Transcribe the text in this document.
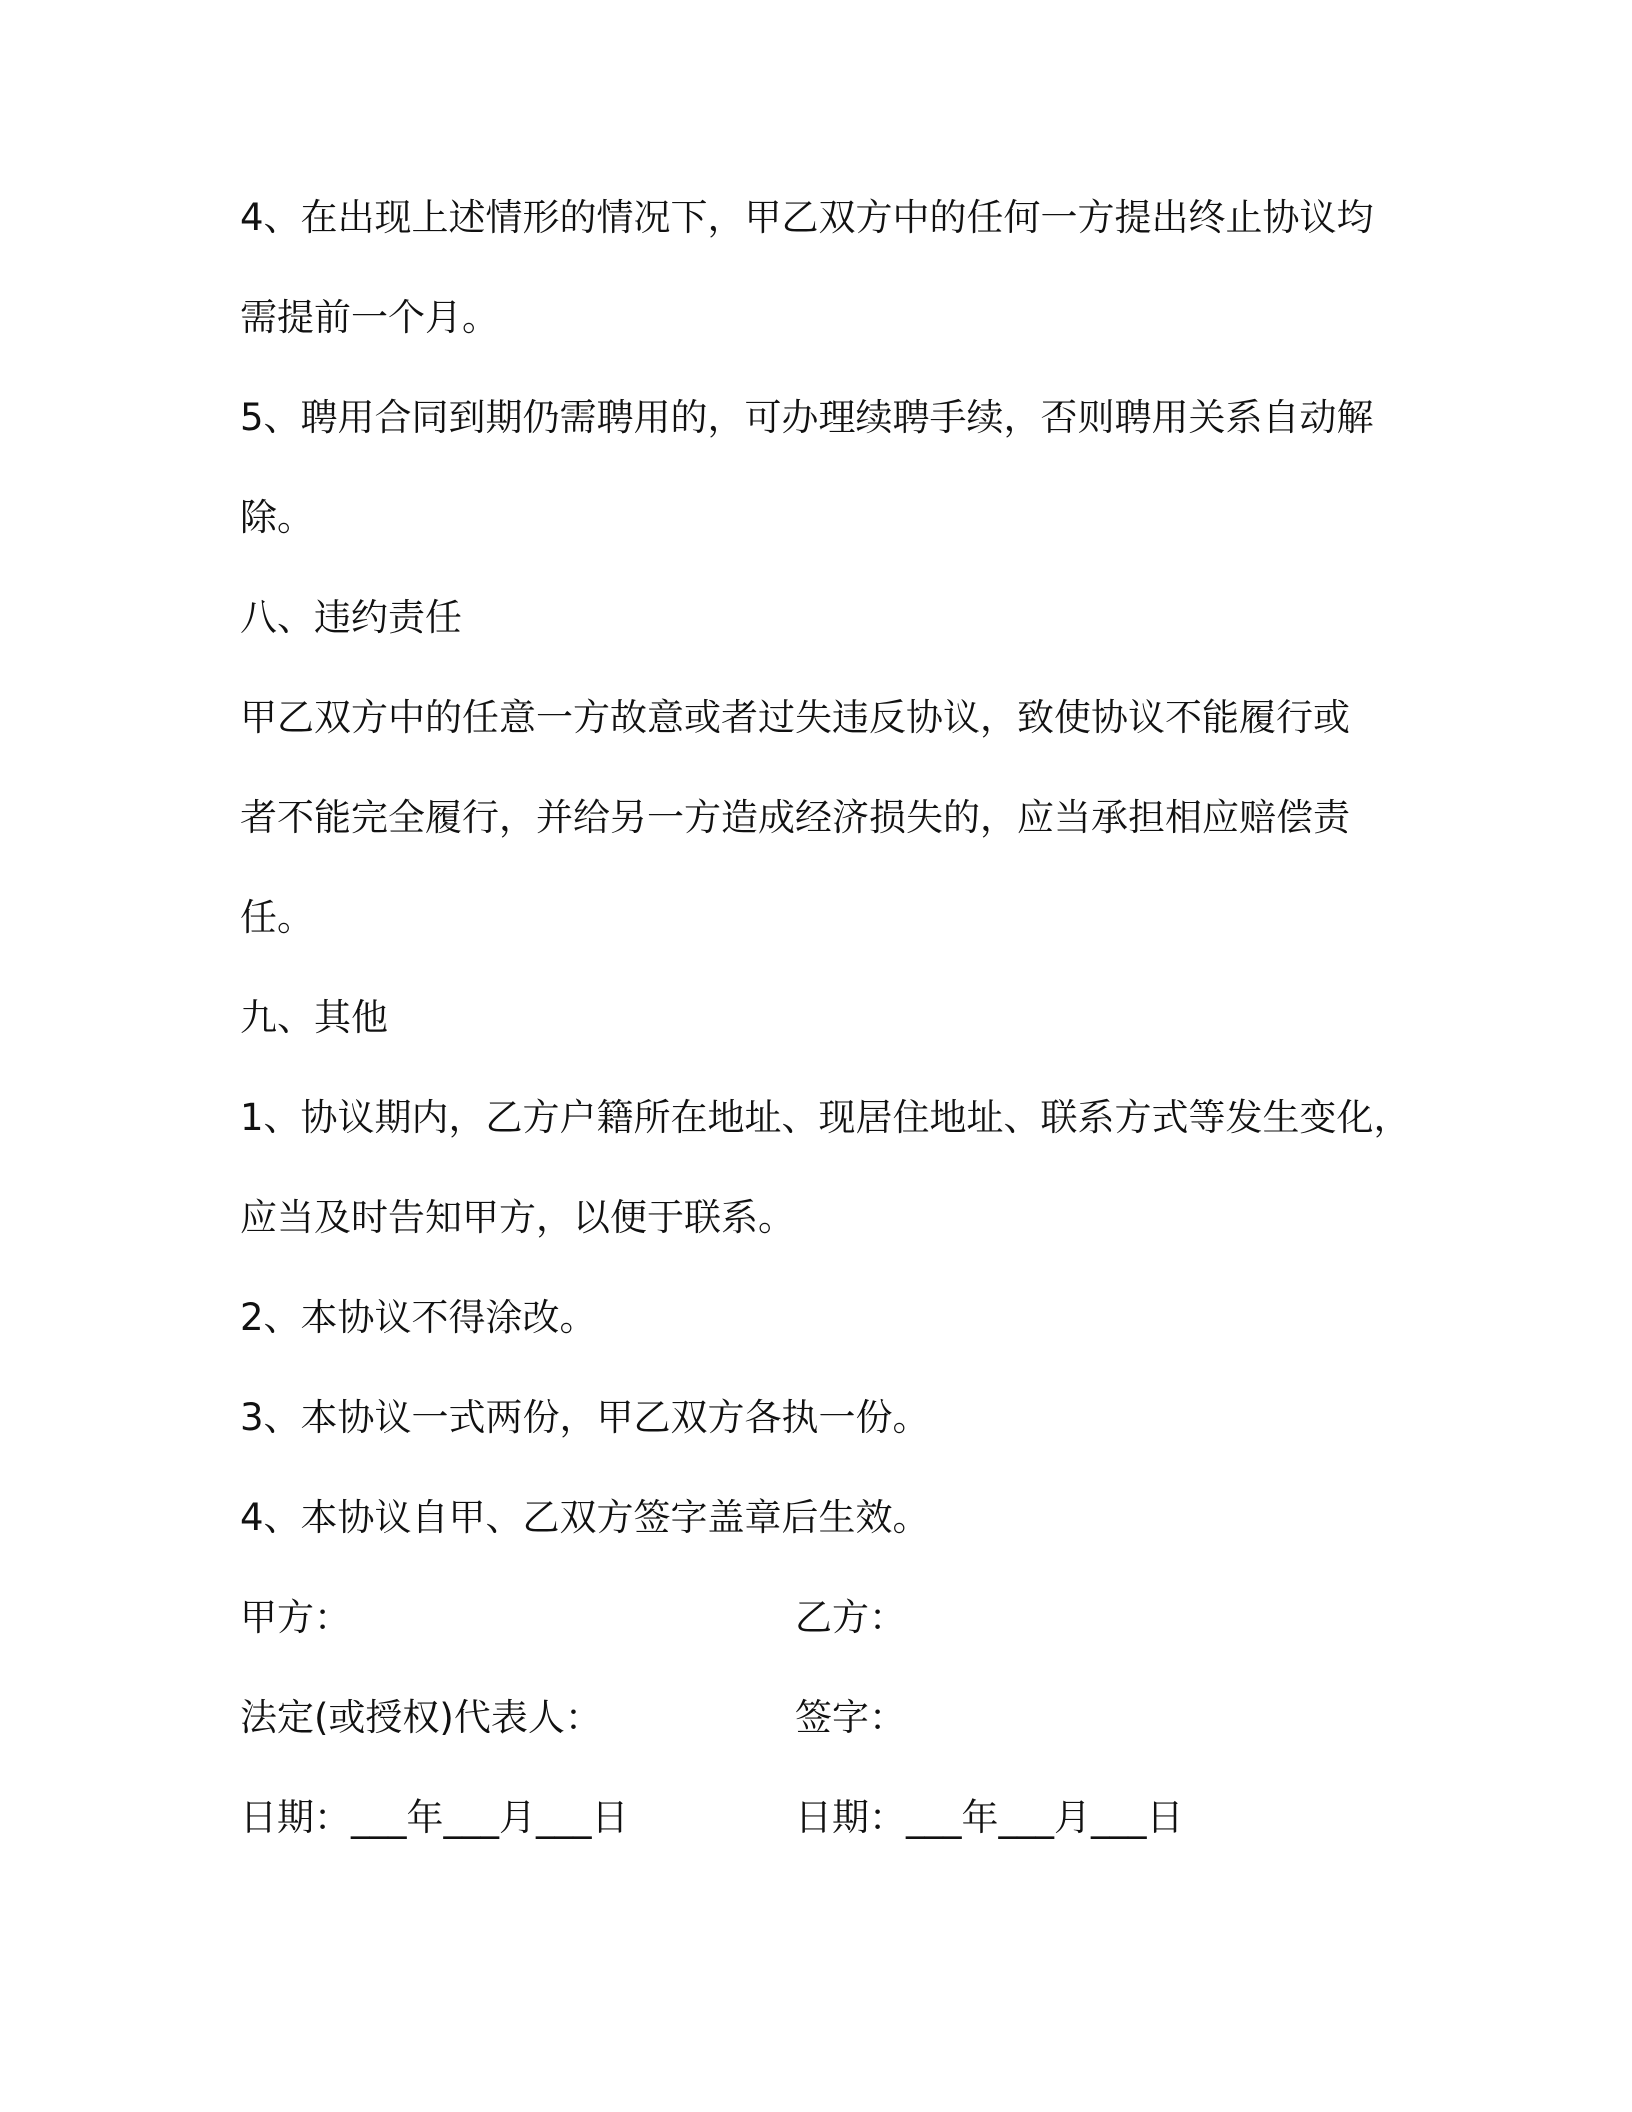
4、在出现上述情形的情况下，甲乙双方中的任何一方提出终止协议均
需提前一个月。
5、聘用合同到期仍需聘用的，可办理续聘手续，否则聘用关系自动解
除。
八、违约责任
甲乙双方中的任意一方故意或者过失违反协议，致使协议不能履行或
者不能完全履行，并给另一方造成经济损失的，应当承担相应赔偿责
任。
九、其他
1、协议期内，乙方户籍所在地址、现居住地址、联系方式等发生变化，
应当及时告知甲方，以便于联系。
2、本协议不得涂改。
3、本协议一式两份，甲乙双方各执一份。
4、本协议自甲、乙双方签字盖章后生效。
甲方：	乙方：
法定(或授权)代表人：	签字：
日期：___年___月___日	日期：___年___月___日
